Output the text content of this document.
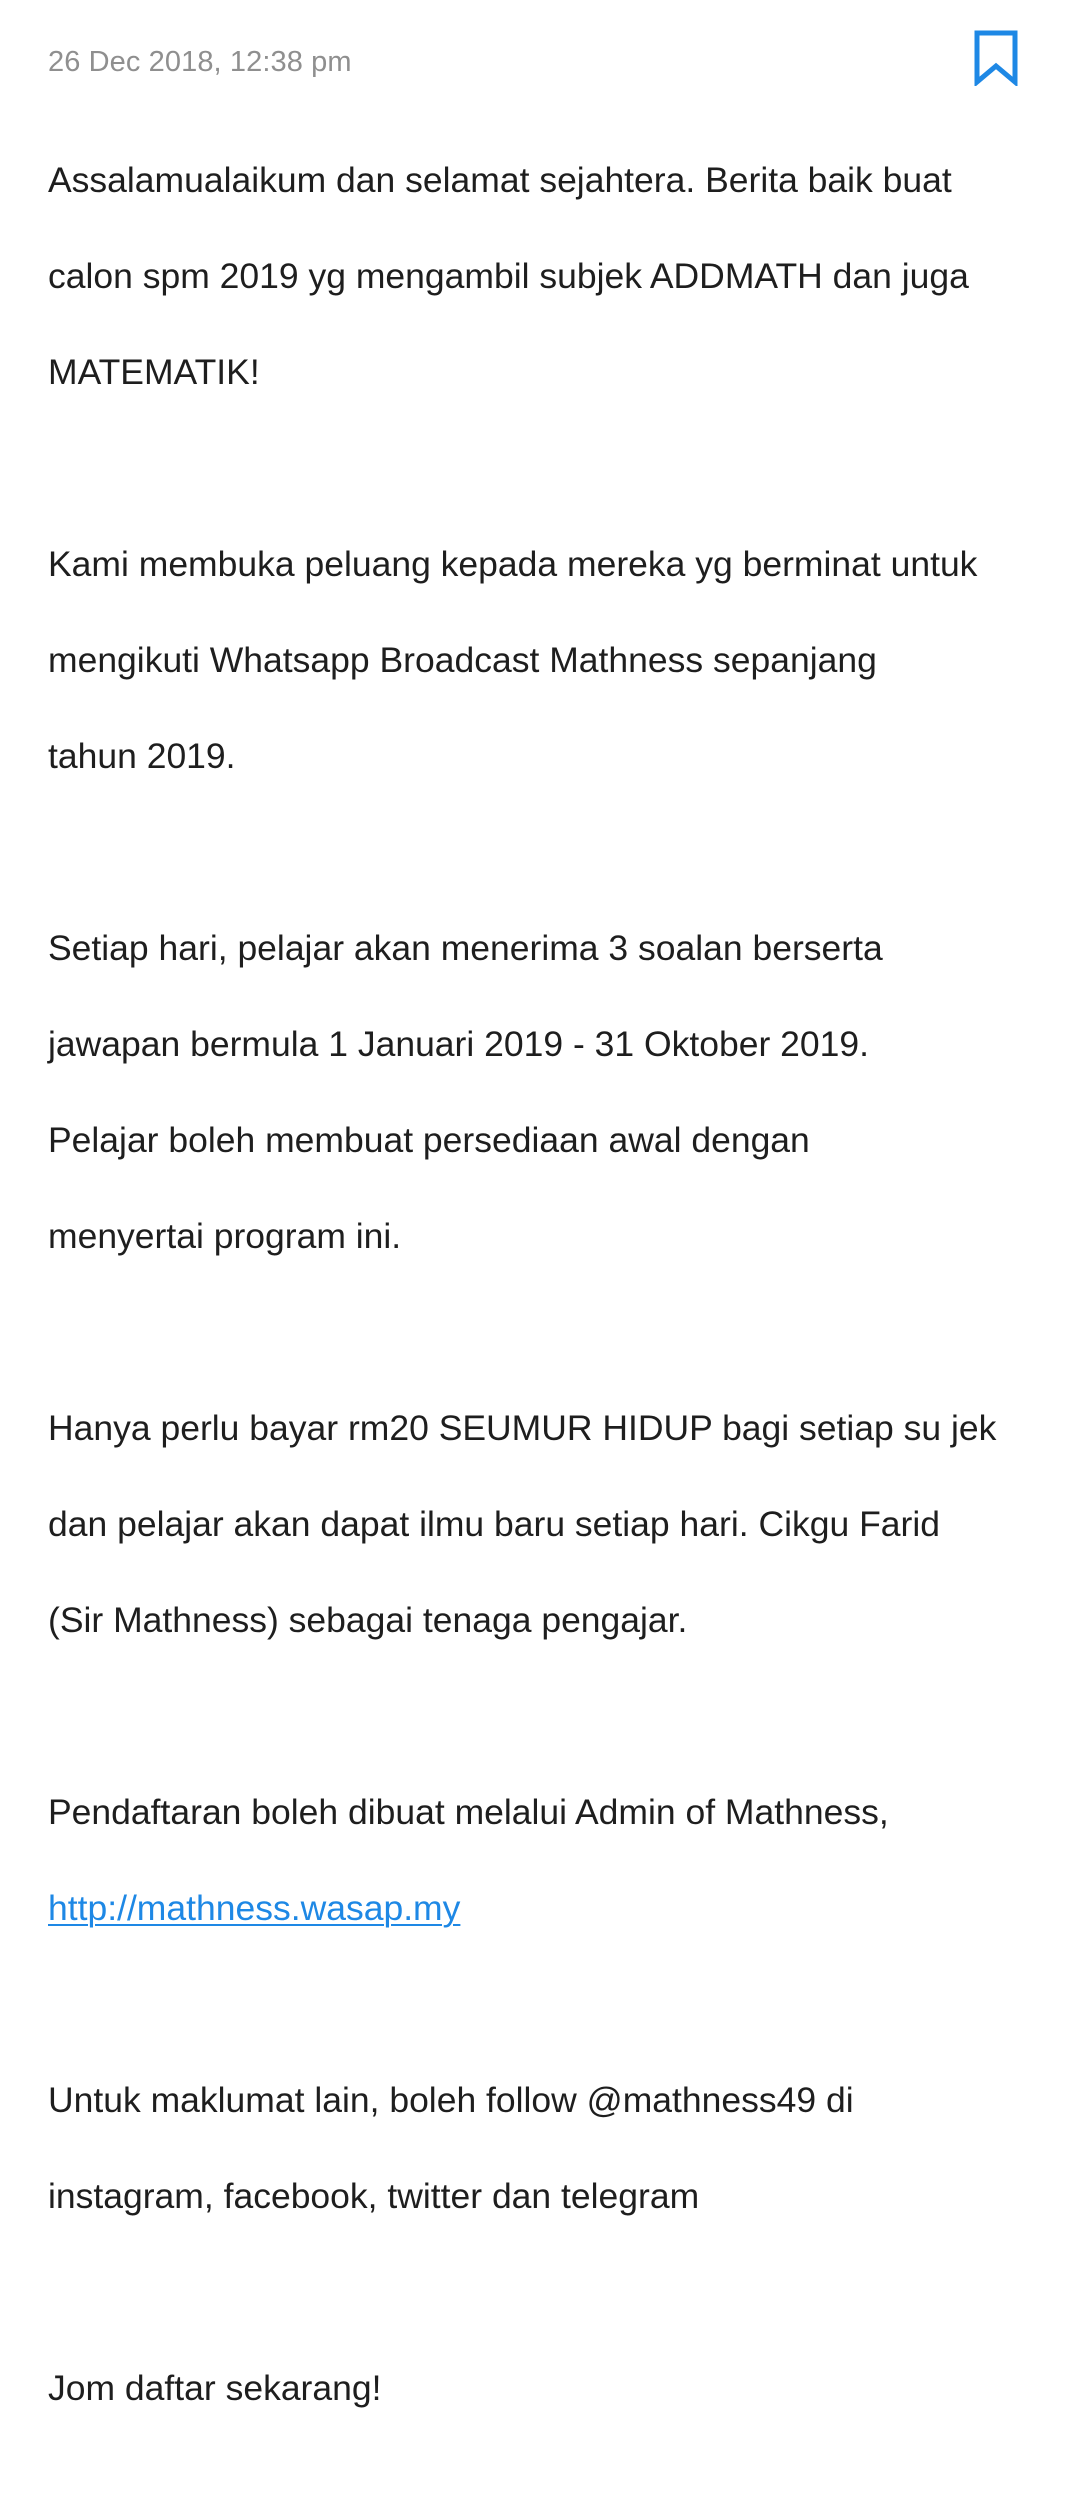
26 Dec 2018, 12:38 pm

Assalamualaikum dan selamat sejahtera. Berita baik buat

calon spm 2019 yg mengambil subjek ADDMATH dan juga

MATEMATIK!

Kami membuka peluang kepada mereka yg berminat untuk

mengikuti Whatsapp Broadcast Mathness sepanjang

tahun 2019.

Setiap hari, pelajar akan menerima 3 soalan berserta

jawapan bermula 1 Januari 2019 - 31 Oktober 2019.

Pelajar boleh membuat persediaan awal dengan

menyertai program ini.

Hanya perlu bayar rm20 SEUMUR HIDUP bagi setiap su jek

dan pelajar akan dapat ilmu baru setiap hari. Cikgu Farid

(Sir Mathness) sebagai tenaga pengajar.

Pendaftaran boleh dibuat melalui Admin of Mathness,

http://mathness.wasap.my

Untuk maklumat lain, boleh follow @mathness49 di

instagram, facebook, twitter dan telegram

Jom daftar sekarang!
